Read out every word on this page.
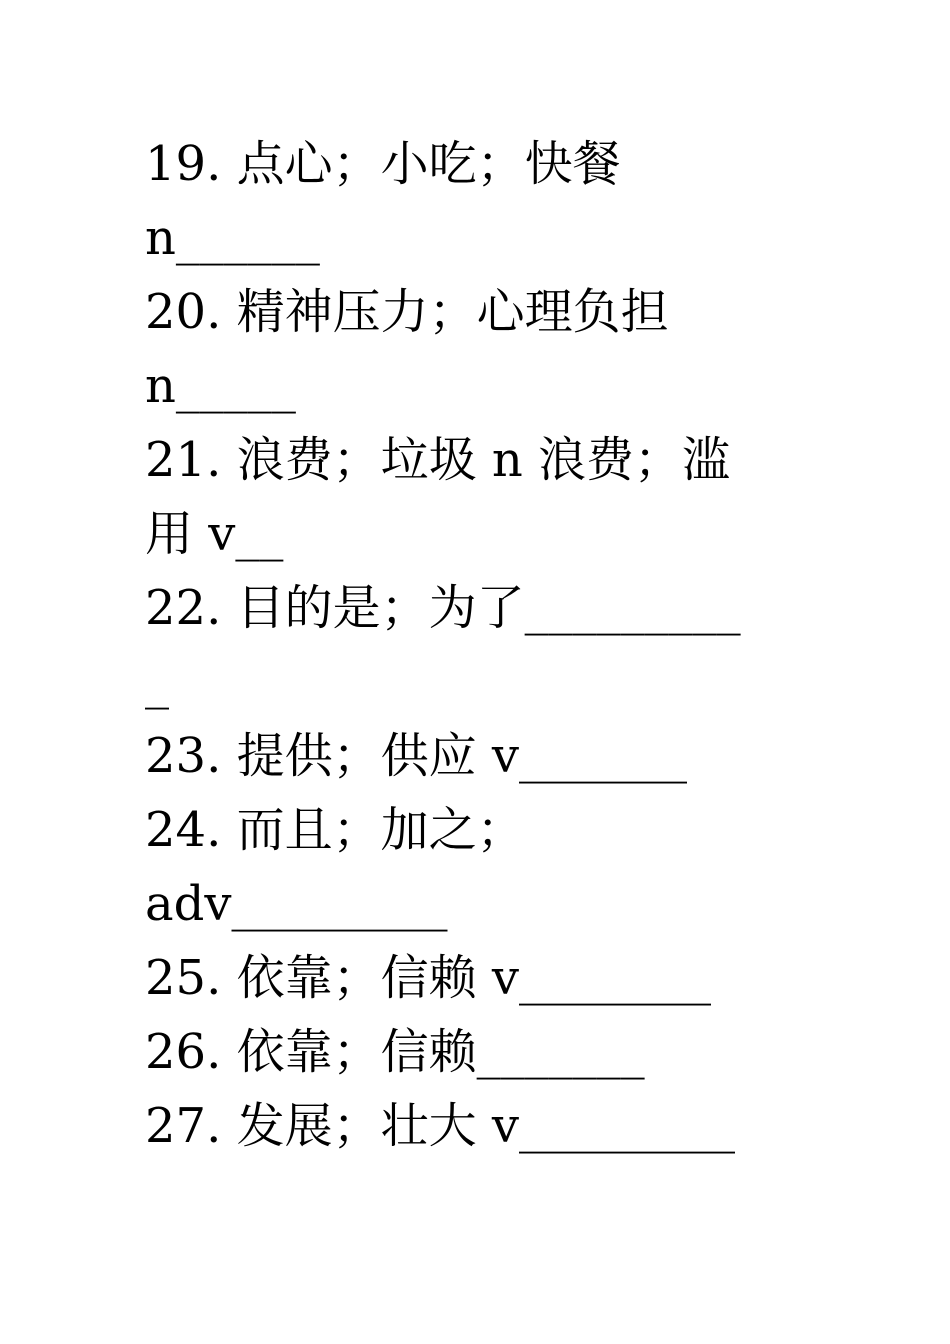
19. 点心；小吃；快餐
n______
20. 精神压力；心理负担
n_____
21. 浪费；垃圾 n 浪费；滥
用 v__
22. 目的是；为了_________
_
23. 提供；供应 v_______
24. 而且；加之；
adv_________
25. 依靠；信赖 v________
26. 依靠；信赖_______
27. 发展；壮大 v_________
